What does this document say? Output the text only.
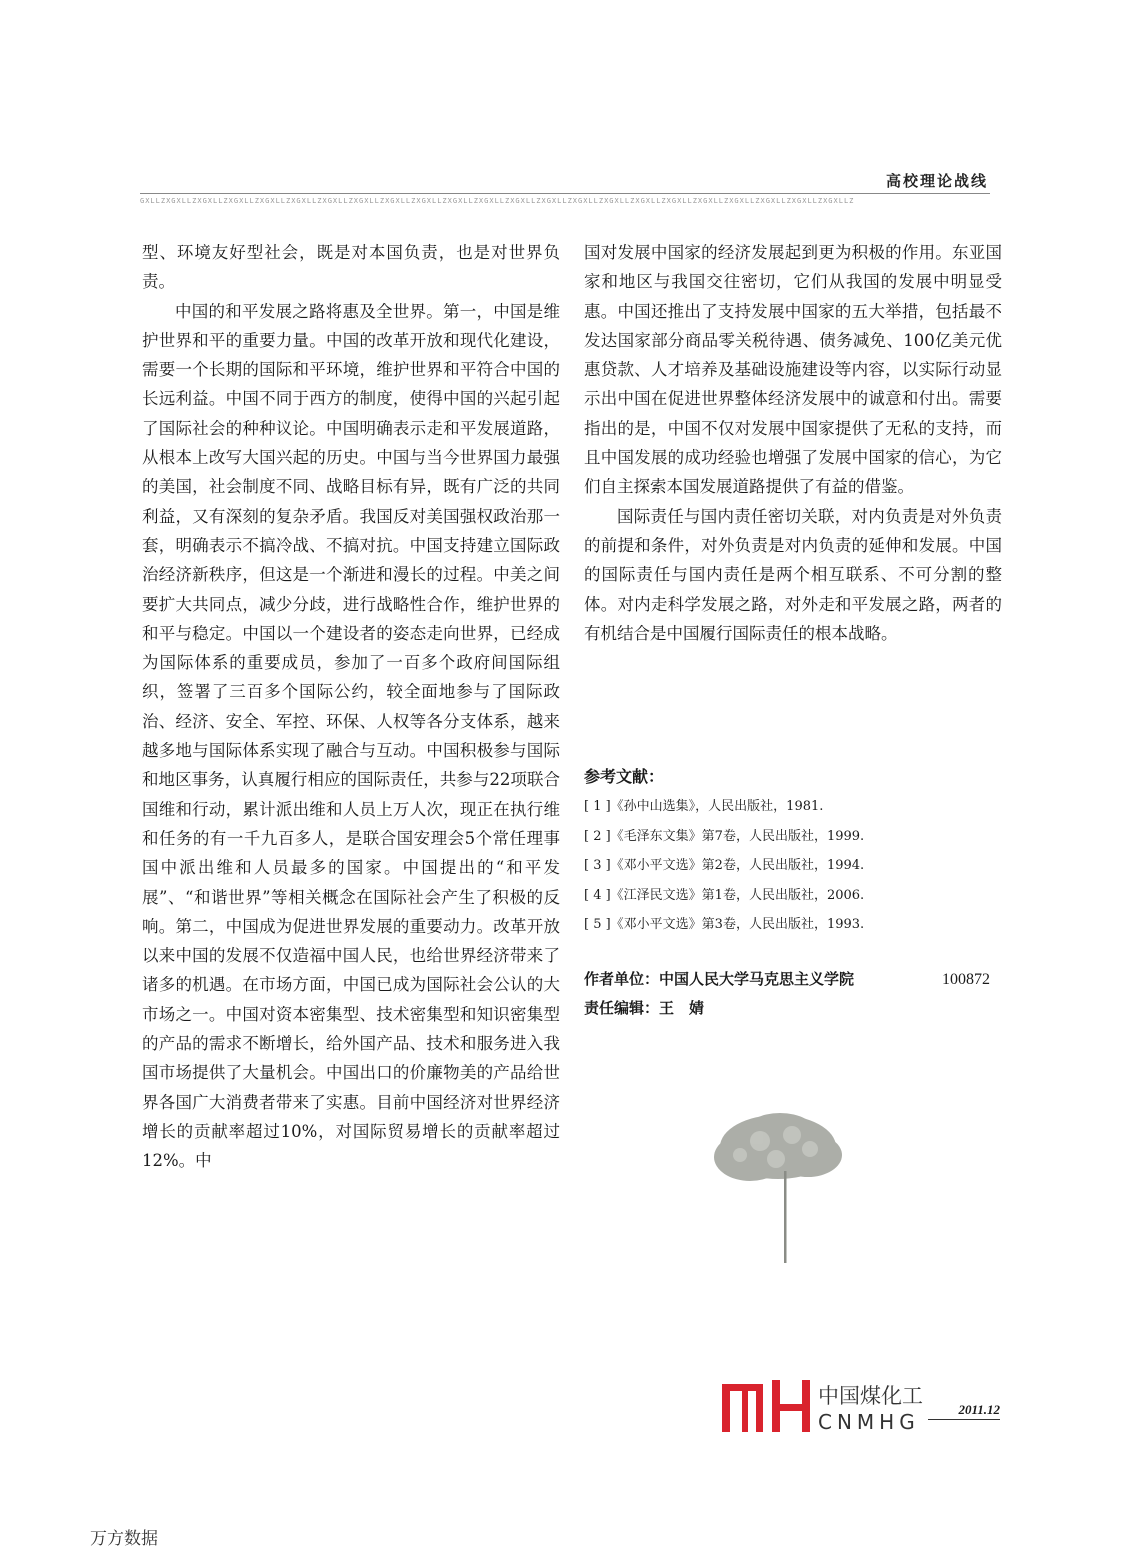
高校理论战线
GXLLZXGXLLZXGXLLZXGXLLZXGXLLZXGXLLZXGXLLZXGXLLZXGXLLZXGXLLZXGXLLZXGXLLZXGXLLZXGXLLZXGXLLZXGXLLZXGXLLZXGXLLZXGXLLZXGXLLZXGXLLZXGXLLZXGXLLZ

型、环境友好型社会，既是对本国负责，也是对世界负责。

中国的和平发展之路将惠及全世界。第一，中国是维护世界和平的重要力量。中国的改革开放和现代化建设，需要一个长期的国际和平环境，维护世界和平符合中国的长远利益。中国不同于西方的制度，使得中国的兴起引起了国际社会的种种议论。中国明确表示走和平发展道路，从根本上改写大国兴起的历史。中国与当今世界国力最强的美国，社会制度不同、战略目标有异，既有广泛的共同利益，又有深刻的复杂矛盾。我国反对美国强权政治那一套，明确表示不搞冷战、不搞对抗。中国支持建立国际政治经济新秩序，但这是一个渐进和漫长的过程。中美之间要扩大共同点，减少分歧，进行战略性合作，维护世界的和平与稳定。中国以一个建设者的姿态走向世界，已经成为国际体系的重要成员，参加了一百多个政府间国际组织，签署了三百多个国际公约，较全面地参与了国际政治、经济、安全、军控、环保、人权等各分支体系，越来越多地与国际体系实现了融合与互动。中国积极参与国际和地区事务，认真履行相应的国际责任，共参与22项联合国维和行动，累计派出维和人员上万人次，现正在执行维和任务的有一千九百多人，是联合国安理会5个常任理事国中派出维和人员最多的国家。中国提出的“和平发展”、“和谐世界”等相关概念在国际社会产生了积极的反响。第二，中国成为促进世界发展的重要动力。改革开放以来中国的发展不仅造福中国人民，也给世界经济带来了诸多的机遇。在市场方面，中国已成为国际社会公认的大市场之一。中国对资本密集型、技术密集型和知识密集型的产品的需求不断增长，给外国产品、技术和服务进入我国市场提供了大量机会。中国出口的价廉物美的产品给世界各国广大消费者带来了实惠。目前中国经济对世界经济增长的贡献率超过10%，对国际贸易增长的贡献率超过12%。中

国对发展中国家的经济发展起到更为积极的作用。东亚国家和地区与我国交往密切，它们从我国的发展中明显受惠。中国还推出了支持发展中国家的五大举措，包括最不发达国家部分商品零关税待遇、债务减免、100亿美元优惠贷款、人才培养及基础设施建设等内容，以实际行动显示出中国在促进世界整体经济发展中的诚意和付出。需要指出的是，中国不仅对发展中国家提供了无私的支持，而且中国发展的成功经验也增强了发展中国家的信心，为它们自主探索本国发展道路提供了有益的借鉴。

国际责任与国内责任密切关联，对内负责是对外负责的前提和条件，对外负责是对内负责的延伸和发展。中国的国际责任与国内责任是两个相互联系、不可分割的整体。对内走科学发展之路，对外走和平发展之路，两者的有机结合是中国履行国际责任的根本战略。

参考文献：
[ 1 ]《孙中山选集》，人民出版社，1981.
[ 2 ]《毛泽东文集》第7卷，人民出版社，1999.
[ 3 ]《邓小平文选》第2卷，人民出版社，1994.
[ 4 ]《江泽民文选》第1卷，人民出版社，2006.
[ 5 ]《邓小平文选》第3卷，人民出版社，1993.
作者单位：中国人民大学马克思主义学院	100872
责任编辑：王　婧
中国煤化工
CNMHG
2011.12
万方数据
